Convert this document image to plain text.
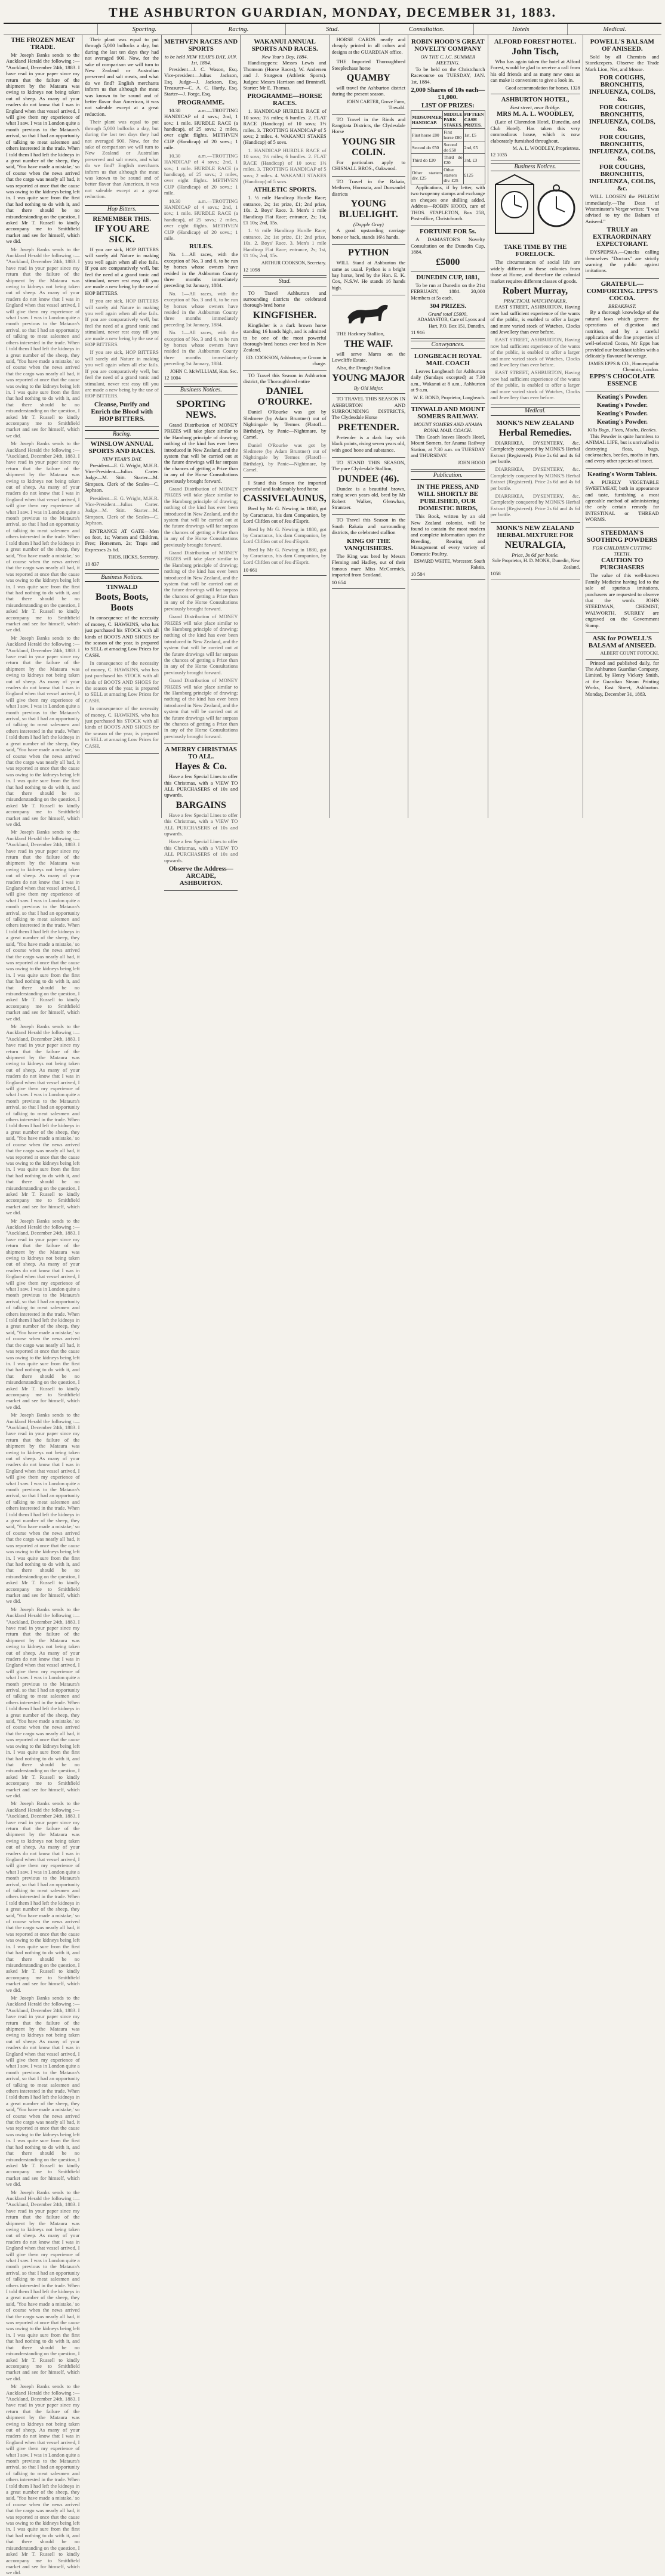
THE ASHBURTON GUARDIAN, MONDAY, DECEMBER 31, 1883.
Sporting.	Racing.	Stud.	Consultation.	Hotels	Medical.
THE FROZEN MEAT TRADE.

Mr Joseph Banks sends to the Auckland Herald the following :— "Auckland, December 24th, 1883. I have read in your paper since my return that the failure of the shipment by the Mataura was owing to kidneys not being taken out of sheep. As many of your readers do not know that I was in England when that vessel arrived, I will give them my experience of what I saw. I was in London quite a month previous to the Mataura's arrival, so that I had an opportunity of talking to meat salesmen and others interested in the trade. When I told them I had left the kidneys in a great number of the sheep, they said, 'You have made a mistake,' so of course when the news arrived that the cargo was nearly all bad, it was reported at once that the cause was owing to the kidneys being left in. I was quite sure from the first that had nothing to do with it, and that there should be no misunderstanding on the question, I asked Mr T. Russell to kindly accompany me to Smithfield market and see for himself, which we did.

Mr Joseph Banks sends to the Auckland Herald the following :— "Auckland, December 24th, 1883. I have read in your paper since my return that the failure of the shipment by the Mataura was owing to kidneys not being taken out of sheep. As many of your readers do not know that I was in England when that vessel arrived, I will give them my experience of what I saw. I was in London quite a month previous to the Mataura's arrival, so that I had an opportunity of talking to meat salesmen and others interested in the trade. When I told them I had left the kidneys in a great number of the sheep, they said, 'You have made a mistake,' so of course when the news arrived that the cargo was nearly all bad, it was reported at once that the cause was owing to the kidneys being left in. I was quite sure from the first that had nothing to do with it, and that there should be no misunderstanding on the question, I asked Mr T. Russell to kindly accompany me to Smithfield market and see for himself, which we did.

Mr Joseph Banks sends to the Auckland Herald the following :— "Auckland, December 24th, 1883. I have read in your paper since my return that the failure of the shipment by the Mataura was owing to kidneys not being taken out of sheep. As many of your readers do not know that I was in England when that vessel arrived, I will give them my experience of what I saw. I was in London quite a month previous to the Mataura's arrival, so that I had an opportunity of talking to meat salesmen and others interested in the trade. When I told them I had left the kidneys in a great number of the sheep, they said, 'You have made a mistake,' so of course when the news arrived that the cargo was nearly all bad, it was reported at once that the cause was owing to the kidneys being left in. I was quite sure from the first that had nothing to do with it, and that there should be no misunderstanding on the question, I asked Mr T. Russell to kindly accompany me to Smithfield market and see for himself, which we did.

Mr Joseph Banks sends to the Auckland Herald the following :— "Auckland, December 24th, 1883. I have read in your paper since my return that the failure of the shipment by the Mataura was owing to kidneys not being taken out of sheep. As many of your readers do not know that I was in England when that vessel arrived, I will give them my experience of what I saw. I was in London quite a month previous to the Mataura's arrival, so that I had an opportunity of talking to meat salesmen and others interested in the trade. When I told them I had left the kidneys in a great number of the sheep, they said, 'You have made a mistake,' so of course when the news arrived that the cargo was nearly all bad, it was reported at once that the cause was owing to the kidneys being left in. I was quite sure from the first that had nothing to do with it, and that there should be no misunderstanding on the question, I asked Mr T. Russell to kindly accompany me to Smithfield market and see for himself, which we did.

Mr Joseph Banks sends to the Auckland Herald the following :— "Auckland, December 24th, 1883. I have read in your paper since my return that the failure of the shipment by the Mataura was owing to kidneys not being taken out of sheep. As many of your readers do not know that I was in England when that vessel arrived, I will give them my experience of what I saw. I was in London quite a month previous to the Mataura's arrival, so that I had an opportunity of talking to meat salesmen and others interested in the trade. When I told them I had left the kidneys in a great number of the sheep, they said, 'You have made a mistake,' so of course when the news arrived that the cargo was nearly all bad, it was reported at once that the cause was owing to the kidneys being left in. I was quite sure from the first that had nothing to do with it, and that there should be no misunderstanding on the question, I asked Mr T. Russell to kindly accompany me to Smithfield market and see for himself, which we did.

Mr Joseph Banks sends to the Auckland Herald the following :— "Auckland, December 24th, 1883. I have read in your paper since my return that the failure of the shipment by the Mataura was owing to kidneys not being taken out of sheep. As many of your readers do not know that I was in England when that vessel arrived, I will give them my experience of what I saw. I was in London quite a month previous to the Mataura's arrival, so that I had an opportunity of talking to meat salesmen and others interested in the trade. When I told them I had left the kidneys in a great number of the sheep, they said, 'You have made a mistake,' so of course when the news arrived that the cargo was nearly all bad, it was reported at once that the cause was owing to the kidneys being left in. I was quite sure from the first that had nothing to do with it, and that there should be no misunderstanding on the question, I asked Mr T. Russell to kindly accompany me to Smithfield market and see for himself, which we did.

Mr Joseph Banks sends to the Auckland Herald the following :— "Auckland, December 24th, 1883. I have read in your paper since my return that the failure of the shipment by the Mataura was owing to kidneys not being taken out of sheep. As many of your readers do not know that I was in England when that vessel arrived, I will give them my experience of what I saw. I was in London quite a month previous to the Mataura's arrival, so that I had an opportunity of talking to meat salesmen and others interested in the trade. When I told them I had left the kidneys in a great number of the sheep, they said, 'You have made a mistake,' so of course when the news arrived that the cargo was nearly all bad, it was reported at once that the cause was owing to the kidneys being left in. I was quite sure from the first that had nothing to do with it, and that there should be no misunderstanding on the question, I asked Mr T. Russell to kindly accompany me to Smithfield market and see for himself, which we did.

Mr Joseph Banks sends to the Auckland Herald the following :— "Auckland, December 24th, 1883. I have read in your paper since my return that the failure of the shipment by the Mataura was owing to kidneys not being taken out of sheep. As many of your readers do not know that I was in England when that vessel arrived, I will give them my experience of what I saw. I was in London quite a month previous to the Mataura's arrival, so that I had an opportunity of talking to meat salesmen and others interested in the trade. When I told them I had left the kidneys in a great number of the sheep, they said, 'You have made a mistake,' so of course when the news arrived that the cargo was nearly all bad, it was reported at once that the cause was owing to the kidneys being left in. I was quite sure from the first that had nothing to do with it, and that there should be no misunderstanding on the question, I asked Mr T. Russell to kindly accompany me to Smithfield market and see for himself, which we did.

Mr Joseph Banks sends to the Auckland Herald the following :— "Auckland, December 24th, 1883. I have read in your paper since my return that the failure of the shipment by the Mataura was owing to kidneys not being taken out of sheep. As many of your readers do not know that I was in England when that vessel arrived, I will give them my experience of what I saw. I was in London quite a month previous to the Mataura's arrival, so that I had an opportunity of talking to meat salesmen and others interested in the trade. When I told them I had left the kidneys in a great number of the sheep, they said, 'You have made a mistake,' so of course when the news arrived that the cargo was nearly all bad, it was reported at once that the cause was owing to the kidneys being left in. I was quite sure from the first that had nothing to do with it, and that there should be no misunderstanding on the question, I asked Mr T. Russell to kindly accompany me to Smithfield market and see for himself, which we did.

Mr Joseph Banks sends to the Auckland Herald the following :— "Auckland, December 24th, 1883. I have read in your paper since my return that the failure of the shipment by the Mataura was owing to kidneys not being taken out of sheep. As many of your readers do not know that I was in England when that vessel arrived, I will give them my experience of what I saw. I was in London quite a month previous to the Mataura's arrival, so that I had an opportunity of talking to meat salesmen and others interested in the trade. When I told them I had left the kidneys in a great number of the sheep, they said, 'You have made a mistake,' so of course when the news arrived that the cargo was nearly all bad, it was reported at once that the cause was owing to the kidneys being left in. I was quite sure from the first that had nothing to do with it, and that there should be no misunderstanding on the question, I asked Mr T. Russell to kindly accompany me to Smithfield market and see for himself, which we did.

Mr Joseph Banks sends to the Auckland Herald the following :— "Auckland, December 24th, 1883. I have read in your paper since my return that the failure of the shipment by the Mataura was owing to kidneys not being taken out of sheep. As many of your readers do not know that I was in England when that vessel arrived, I will give them my experience of what I saw. I was in London quite a month previous to the Mataura's arrival, so that I had an opportunity of talking to meat salesmen and others interested in the trade. When I told them I had left the kidneys in a great number of the sheep, they said, 'You have made a mistake,' so of course when the news arrived that the cargo was nearly all bad, it was reported at once that the cause was owing to the kidneys being left in. I was quite sure from the first that had nothing to do with it, and that there should be no misunderstanding on the question, I asked Mr T. Russell to kindly accompany me to Smithfield market and see for himself, which we did.

Mr Joseph Banks sends to the Auckland Herald the following :— "Auckland, December 24th, 1883. I have read in your paper since my return that the failure of the shipment by the Mataura was owing to kidneys not being taken out of sheep. As many of your readers do not know that I was in England when that vessel arrived, I will give them my experience of what I saw. I was in London quite a month previous to the Mataura's arrival, so that I had an opportunity of talking to meat salesmen and others interested in the trade. When I told them I had left the kidneys in a great number of the sheep, they said, 'You have made a mistake,' so of course when the news arrived that the cargo was nearly all bad, it was reported at once that the cause was owing to the kidneys being left in. I was quite sure from the first that had nothing to do with it, and that there should be no misunderstanding on the question, I asked Mr T. Russell to kindly accompany me to Smithfield market and see for himself, which we did.

Mr Joseph Banks sends to the Auckland Herald the following :— "Auckland, December 24th, 1883. I have read in your paper since my return that the failure of the shipment by the Mataura was owing to kidneys not being taken out of sheep. As many of your readers do not know that I was in England when that vessel arrived, I will give them my experience of what I saw. I was in London quite a month previous to the Mataura's arrival, so that I had an opportunity of talking to meat salesmen and others interested in the trade. When I told them I had left the kidneys in a great number of the sheep, they said, 'You have made a mistake,' so of course when the news arrived that the cargo was nearly all bad, it was reported at once that the cause was owing to the kidneys being left in. I was quite sure from the first that had nothing to do with it, and that there should be no misunderstanding on the question, I asked Mr T. Russell to kindly accompany me to Smithfield market and see for himself, which we did.

Their plant was equal to put through 5,000 bullocks a day, but during the last ten days they had not averaged 900. Now, for the sake of comparison we will turn to New Zealand or Australian preserved and salt meats, and what do we find? English merchants inform us that although the meat was known to be sound and of better flavor than American, it was not saleable except at a great reduction.

Their plant was equal to put through 5,000 bullocks a day, but during the last ten days they had not averaged 900. Now, for the sake of comparison we will turn to New Zealand or Australian preserved and salt meats, and what do we find? English merchants inform us that although the meat was known to be sound and of better flavor than American, it was not saleable except at a great reduction.

Hop Bitters.
REMEMBER THIS.
IF YOU ARE SICK.

If you are sick, HOP BITTERS will surely aid Nature in making you well again when all else fails. If you are comparatively well, but feel the need of a grand tonic and stimulant, never rest easy till you are made a new being by the use of HOP BITTERS.

If you are sick, HOP BITTERS will surely aid Nature in making you well again when all else fails. If you are comparatively well, but feel the need of a grand tonic and stimulant, never rest easy till you are made a new being by the use of HOP BITTERS.

If you are sick, HOP BITTERS will surely aid Nature in making you well again when all else fails. If you are comparatively well, but feel the need of a grand tonic and stimulant, never rest easy till you are made a new being by the use of HOP BITTERS.

Cleanse, Purify and Enrich the Blood with HOP BITTERS.
Racing.
WINSLOW ANNUAL SPORTS AND RACES.
NEW YEAR'S DAY.

President—E. G. Wright, M.H.R. Vice-President—Julius Carter. Judge—M. Stitt. Starter—M. Simpson. Clerk of the Scales—C. Jephson.

President—E. G. Wright, M.H.R. Vice-President—Julius Carter. Judge—M. Stitt. Starter—M. Simpson. Clerk of the Scales—C. Jephson.

ENTRANCE AT GATE—Men on foot, 1s; Women and Children, Free; Horsemen, 2s; Traps and Expresses 2s 6d.

THOS. HICKS, Secretary.
10 837
Business Notices.
TINWALD
Boots, Boots, Boots

In consequence of the necessity of money, C. HAWKINS, who has just purchased his STOCK with all kinds of BOOTS AND SHOES for the season of the year, is prepared to SELL at amazing Low Prices for CASH.

In consequence of the necessity of money, C. HAWKINS, who has just purchased his STOCK with all kinds of BOOTS AND SHOES for the season of the year, is prepared to SELL at amazing Low Prices for CASH.

In consequence of the necessity of money, C. HAWKINS, who has just purchased his STOCK with all kinds of BOOTS AND SHOES for the season of the year, is prepared to SELL at amazing Low Prices for CASH.

METHVEN RACES AND SPORTS
to be held NEW YEAR'S DAY, JAN. 1st, 1884.

President—J. C. Wason, Esq. Vice-president—Julius Jackson, Esq. Judge—J. Jackson, Esq. Treasurer—C. A. C. Hardy, Esq. Starter—J. Forge, Esq.

PROGRAMME.

10.30 a.m.—TROTTING HANDICAP of 4 sovs.; 2nd, 1 sov.; 1 mile. HURDLE RACE (a handicap), of 25 sovs.; 2 miles, over eight flights. METHVEN CUP (Handicap) of 20 sovs.; 1 mile.

10.30 a.m.—TROTTING HANDICAP of 4 sovs.; 2nd, 1 sov.; 1 mile. HURDLE RACE (a handicap), of 25 sovs.; 2 miles, over eight flights. METHVEN CUP (Handicap) of 20 sovs.; 1 mile.

10.30 a.m.—TROTTING HANDICAP of 4 sovs.; 2nd, 1 sov.; 1 mile. HURDLE RACE (a handicap), of 25 sovs.; 2 miles, over eight flights. METHVEN CUP (Handicap) of 20 sovs.; 1 mile.

RULES.

No. 1—All races, with the exception of No. 3 and 6, to be run by horses whose owners have resided in the Ashburton County three months immediately preceding 1st January, 1884.

No. 1—All races, with the exception of No. 3 and 6, to be run by horses whose owners have resided in the Ashburton County three months immediately preceding 1st January, 1884.

No. 1—All races, with the exception of No. 3 and 6, to be run by horses whose owners have resided in the Ashburton County three months immediately preceding 1st January, 1884.

JOHN C. McWILLIAM, Hon. Sec.
12 1004
Business Notices.
SPORTING NEWS.

Grand Distribution of MONEY PRIZES will take place similar to the Hamburg principle of drawing; nothing of the kind has ever been introduced in New Zealand, and the system that will be carried out at the future drawings will far surpass the chances of getting a Prize than in any of the Horse Consultations previously brought forward.

Grand Distribution of MONEY PRIZES will take place similar to the Hamburg principle of drawing; nothing of the kind has ever been introduced in New Zealand, and the system that will be carried out at the future drawings will far surpass the chances of getting a Prize than in any of the Horse Consultations previously brought forward.

Grand Distribution of MONEY PRIZES will take place similar to the Hamburg principle of drawing; nothing of the kind has ever been introduced in New Zealand, and the system that will be carried out at the future drawings will far surpass the chances of getting a Prize than in any of the Horse Consultations previously brought forward.

Grand Distribution of MONEY PRIZES will take place similar to the Hamburg principle of drawing; nothing of the kind has ever been introduced in New Zealand, and the system that will be carried out at the future drawings will far surpass the chances of getting a Prize than in any of the Horse Consultations previously brought forward.

Grand Distribution of MONEY PRIZES will take place similar to the Hamburg principle of drawing; nothing of the kind has ever been introduced in New Zealand, and the system that will be carried out at the future drawings will far surpass the chances of getting a Prize than in any of the Horse Consultations previously brought forward.

A MERRY CHRISTMAS TO ALL.
Hayes & Co.

Have a few Special Lines to offer this Christmas, with a VIEW TO ALL PURCHASERS of 10s and upwards.

BARGAINS

Have a few Special Lines to offer this Christmas, with a VIEW TO ALL PURCHASERS of 10s and upwards.

Have a few Special Lines to offer this Christmas, with a VIEW TO ALL PURCHASERS of 10s and upwards.

Observe the Address— ARCADE, ASHBURTON.
WAKANUI ANNUAL SPORTS AND RACES.
New Year's Day, 1884.

Handicappers: Messrs Lewis and Thomson (Horse Races), W. Andersen and J. Sturgeon (Athletic Sports). Judges: Messrs Harrison and Bruntnell. Starter: Mr E. Thomas.

PROGRAMME—HORSE RACES.

1. HANDICAP HURDLE RACE of 10 sovs; 1½ miles; 6 hurdles. 2. FLAT RACE (Handicap) of 10 sovs; 1½ miles. 3. TROTTING HANDICAP of 5 sovs; 2 miles. 4. WAKANUI STAKES (Handicap) of 5 sovs.

1. HANDICAP HURDLE RACE of 10 sovs; 1½ miles; 6 hurdles. 2. FLAT RACE (Handicap) of 10 sovs; 1½ miles. 3. TROTTING HANDICAP of 5 sovs; 2 miles. 4. WAKANUI STAKES (Handicap) of 5 sovs.

ATHLETIC SPORTS.

1. ½ mile Handicap Hurdle Race; entrance, 2s; 1st prize, £1; 2nd prize, 10s. 2. Boys' Race. 3. Men's 1 mile Handicap Flat Race; entrance, 2s; 1st, £1 10s; 2nd, 15s.

1. ½ mile Handicap Hurdle Race; entrance, 2s; 1st prize, £1; 2nd prize, 10s. 2. Boys' Race. 3. Men's 1 mile Handicap Flat Race; entrance, 2s; 1st, £1 10s; 2nd, 15s.

ARTHUR COOKSON, Secretary.
12 1098
Stud.

TO Travel Ashburton and surrounding districts the celebrated thorough-bred horse

KINGFISHER.

Kingfisher is a dark brown horse standing 16 hands high, and is admitted to be one of the most powerful thorough-bred horses ever bred in New Zealand.

ED. COOKSON, Ashburton; or Groom in charge.

TO Travel this Season in Ashburton district, the Thoroughbred entire

DANIEL O'ROURKE.

Daniel O'Rourke was got by Sledmere (by Adam Bruntner) out of Nightingale by Termes (Flatoff—Birthday), by Panic—Nightmare, by Camel.

Daniel O'Rourke was got by Sledmere (by Adam Bruntner) out of Nightingale by Termes (Flatoff—Birthday), by Panic—Nightmare, by Camel.

I Stand this Season the imported powerful and fashionably bred horse

CASSIVELAUNUS,

Bred by Mr G. Newing in 1880, got by Caractacus, his dam Companion, by Lord Clifden out of Jeu d'Esprit.

Bred by Mr G. Newing in 1880, got by Caractacus, his dam Companion, by Lord Clifden out of Jeu d'Esprit.

Bred by Mr G. Newing in 1880, got by Caractacus, his dam Companion, by Lord Clifden out of Jeu d'Esprit.

10 661

HORSE CARDS neatly and cheaply printed in all colors and designs at the GUARDIAN office.

THE Imported Thoroughbred Steeplechase horse

QUAMBY

will travel the Ashburton district during the present season.

JOHN CARTER, Grove Farm, Tinwald.

TO Travel in the Rinds and Rangitata Districts, the Clydesdale Horse

YOUNG SIR COLIN.

For particulars apply to CHISNALL BROS., Oakwood.

TO Travel in the Rakaia, Methven, Hororata, and Dunsandel districts

YOUNG BLUELIGHT.
(Dapple Gray)

A good upstanding carriage horse or hack, stands 16½ hands.

PYTHON

WILL Stand at Ashburton the same as usual. Python is a bright bay horse, bred by the Hon. E. K. Cox, N.S.W. He stands 16 hands high.

THE Hackney Stallion,

THE WAIF.

will serve Mares on the Lowcliffe Estate.

Also, the Draught Stallion

YOUNG MAJOR
By Old Major.

TO TRAVEL THIS SEASON IN ASHBURTON AND SURROUNDING DISTRICTS, The Clydesdale Horse

PRETENDER.

Pretender is a dark bay with black points, rising seven years old, with good bone and substance.

TO STAND THIS SEASON, The pure Clydesdale Stallion,

DUNDEE (46).

Dundee is a beautiful brown, rising seven years old, bred by Mr Robert Walker, Glenwhan, Stranraer.

TO Travel this Season in the South Rakaia and surrounding districts, the celebrated stallion

KING OF THE VANQUISHERS.

The King was bred by Messrs Fleming and Hadley, out of their famous mare Miss McCormick, imported from Scotland.

10 654
ROBIN HOOD'S GREAT NOVELTY COMPANY
ON THE C.J.C. SUMMER MEETING.

To be held on the Christchurch Racecourse on TUESDAY, JAN. 1st, 1884.

2,000 Shares of 10s each—£1,000.
LIST OF PRIZES:
MIDSUMMER HANDICAP.	MIDDLE PARK STAKES.	FIFTEEN CASH PRIZES.
First horse £80	First horse £80	1st, £5
Second do £50	Second do £50	2nd, £5
Third do £20	Third do £20	3rd, £3
Other starters div. £25	Other starters div. £25	£125

Applications, if by letter, with two twopenny stamps and exchange on cheques one shilling added. Address—ROBIN HOOD, care of THOS. STAPLETON, Box 258, Post-office, Christchurch.

FORTUNE FOR 5s.

A DAMASTOR'S Novelty Consultation on the Dunedin Cup, 1884.

£5000
DUNEDIN CUP, 1881,

To be run at Dunedin on the 21st FEBRUARY, 1884. 20,000 Members at 5s each.

304 PRIZES.
Grand total £5000.
ADAMASTOR, Care of Lyons and Hart, P.O. Box 151, Dunedin.
11 916
Conveyances.
LONGBEACH ROYAL MAIL COACH

Leaves Longbeach for Ashburton daily (Sundays excepted) at 7.30 a.m., Wakanui at 8 a.m., Ashburton at 9 a.m.

W. E. BOND, Proprietor, Longbeach.
TINWALD AND MOUNT SOMERS RAILWAY.
MOUNT SOMERS AND ANAMA ROYAL MAIL COACH.

This Coach leaves Hood's Hotel, Mount Somers, for Anama Railway Station, at 7.30 a.m. on TUESDAY and THURSDAY.

JOHN HOOD
Publication.
IN THE PRESS, AND WILL SHORTLY BE PUBLISHED, OUR DOMESTIC BIRDS,

This Book, written by an old New Zealand colonist, will be found to contain the most modern and complete information upon the Breeding, Rearing and Management of every variety of Domestic Poultry.

ESWARD WHITE, Worcester, South Rakaia.
10 584
ALFORD FOREST HOTEL.
John Tisch,

Who has again taken the hotel at Alford Forest, would be glad to receive a call from his old friends and as many new ones as can make it convenient to give a look in.

Good accommodation for horses. 1328
ASHBURTON HOTEL,
East street, near Bridge.
MRS M. A. L. WOODLEY,

(Late of Clarendon Hotel, Dunedin, and Club Hotel). Has taken this very commodious house, which is now elaborately furnished throughout.

M. A. L. WOODLEY, Proprietress.
12 1035
Business Notices.
TAKE TIME BY THE FORELOCK.

The circumstances of social life are widely different in these colonies from those at Home, and therefore the colonial market requires different classes of goods.

Robert Murray,
PRACTICAL WATCHMAKER,

EAST STREET, ASHBURTON, Having now had sufficient experience of the wants of the public, is enabled to offer a larger and more varied stock of Watches, Clocks and Jewellery than ever before.

EAST STREET, ASHBURTON, Having now had sufficient experience of the wants of the public, is enabled to offer a larger and more varied stock of Watches, Clocks and Jewellery than ever before.

EAST STREET, ASHBURTON, Having now had sufficient experience of the wants of the public, is enabled to offer a larger and more varied stock of Watches, Clocks and Jewellery than ever before.

Medical.
MONK'S NEW ZEALAND
Herbal Remedies.

DIARRHŒA, DYSENTERY, &c. Completely conquered by MONK'S Herbal Extract (Registered). Price 2s 6d and 4s 6d per bottle.

DIARRHŒA, DYSENTERY, &c. Completely conquered by MONK'S Herbal Extract (Registered). Price 2s 6d and 4s 6d per bottle.

DIARRHŒA, DYSENTERY, &c. Completely conquered by MONK'S Herbal Extract (Registered). Price 2s 6d and 4s 6d per bottle.

MONK'S NEW ZEALAND HERBAL MIXTURE FOR
NEURALGIA,
Price, 3s 6d per bottle.
Sole Proprietor, H. D. MONK, Dunedin, New Zealand.
1058
POWELL'S BALSAM OF ANISEED.

Sold by all Chemists and Storekeepers. Observe the Trade Mark Lion, Net, and Mouse.

FOR COUGHS, BRONCHITIS, INFLUENZA, COLDS, &c.
FOR COUGHS, BRONCHITIS, INFLUENZA, COLDS, &c.
FOR COUGHS, BRONCHITIS, INFLUENZA, COLDS, &c.
FOR COUGHS, BRONCHITIS, INFLUENZA, COLDS, &c.

WILL LOOSEN the PHLEGM immediately.—The Dean of Westminster's Verger writes: "I was advised to try the Balsam of Aniseed."

TRULY an EXTRAORDINARY EXPECTORANT.

DYSPEPSIA.—Quacks calling themselves "Doctors" are strictly warning the public against imitations.

GRATEFUL—COMFORTING. EPPS'S COCOA.
BREAKFAST.

By a thorough knowledge of the natural laws which govern the operations of digestion and nutrition, and by a careful application of the fine properties of well-selected Cocoa, Mr Epps has provided our breakfast tables with a delicately flavoured beverage.

JAMES EPPS & CO., Homœopathic Chemists, London.
EPPS'S CHOCOLATE ESSENCE
Keating's Powder.
Keating's Powder.
Keating's Powder.
Keating's Powder.
Kills Bugs, Fleas, Moths, Beetles.

This Powder is quite harmless to ANIMAL LIFE, but is unrivalled in destroying fleas, bugs, cockroaches, beetles, moths in furs, and every other species of insect.

Keating's Worm Tablets.

A PURELY VEGETABLE SWEETMEAT, both in appearance and taste, furnishing a most agreeable method of administering the only certain remedy for INTESTINAL or THREAD WORMS.

STEEDMAN'S SOOTHING POWDERS
FOR CHILDREN CUTTING TEETH.
CAUTION TO PURCHASERS

The value of this well-known Family Medicine having led to the sale of spurious imitations, purchasers are requested to observe that the words JOHN STEEDMAN, CHEMIST, WALWORTH, SURREY are engraved on the Government Stamp.

ASK for POWELL'S BALSAM of ANISEED.
ALBERT COUNT FOTOCKI.

Printed and published daily, for The Ashburton Guardian Company, Limited, by Henry Vickery Smith, at the Guardian Steam Printing Works, East Street, Ashburton. Monday, December 31, 1883.
